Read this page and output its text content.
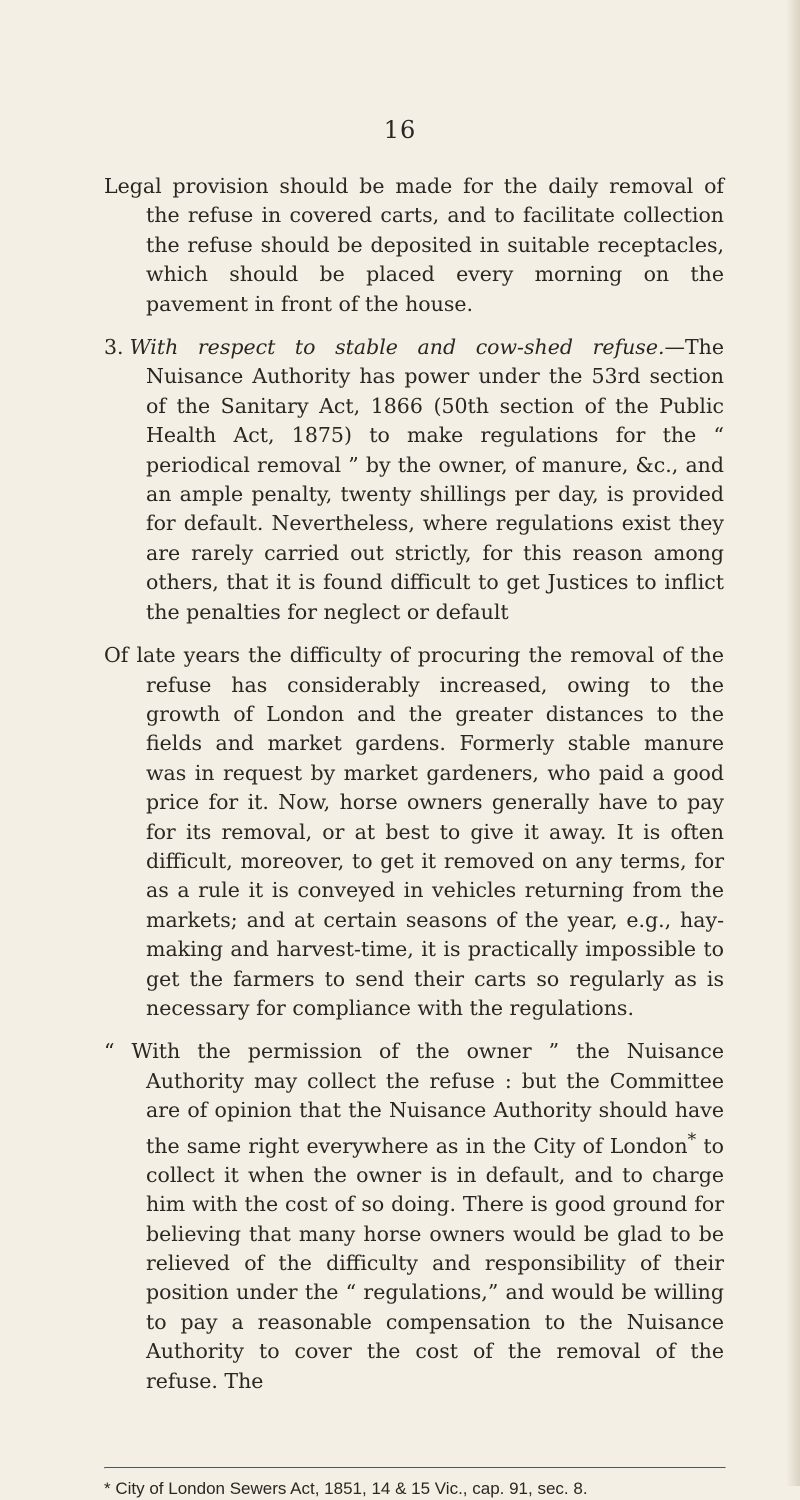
16

Legal provision should be made for the daily removal of the refuse in covered carts, and to facilitate collection the refuse should be deposited in suitable receptacles, which should be placed every morning on the pavement in front of the house.

3. With respect to stable and cow-shed refuse.—The Nuisance Authority has power under the 53rd section of the Sanitary Act, 1866 (50th section of the Public Health Act, 1875) to make regulations for the “ periodical removal ” by the owner, of manure, &c., and an ample penalty, twenty shillings per day, is provided for default. Nevertheless, where regulations exist they are rarely carried out strictly, for this reason among others, that it is found difficult to get Justices to inflict the penalties for neglect or default

Of late years the difficulty of procuring the removal of the refuse has considerably increased, owing to the growth of London and the greater distances to the fields and market gardens. Formerly stable manure was in request by market gardeners, who paid a good price for it. Now, horse owners generally have to pay for its removal, or at best to give it away. It is often difficult, moreover, to get it removed on any terms, for as a rule it is conveyed in vehicles returning from the markets; and at certain seasons of the year, e.g., hay-making and harvest-time, it is practically impossible to get the farmers to send their carts so regularly as is necessary for compliance with the regulations.

“ With the permission of the owner ” the Nuisance Authority may collect the refuse : but the Committee are of opinion that the Nuisance Authority should have the same right everywhere as in the City of London* to collect it when the owner is in default, and to charge him with the cost of so doing. There is good ground for believing that many horse owners would be glad to be relieved of the difficulty and responsibility of their position under the “ regulations,” and would be willing to pay a reasonable compensation to the Nuisance Authority to cover the cost of the removal of the refuse. The

* City of London Sewers Act, 1851, 14 & 15 Vic., cap. 91, sec. 8.
